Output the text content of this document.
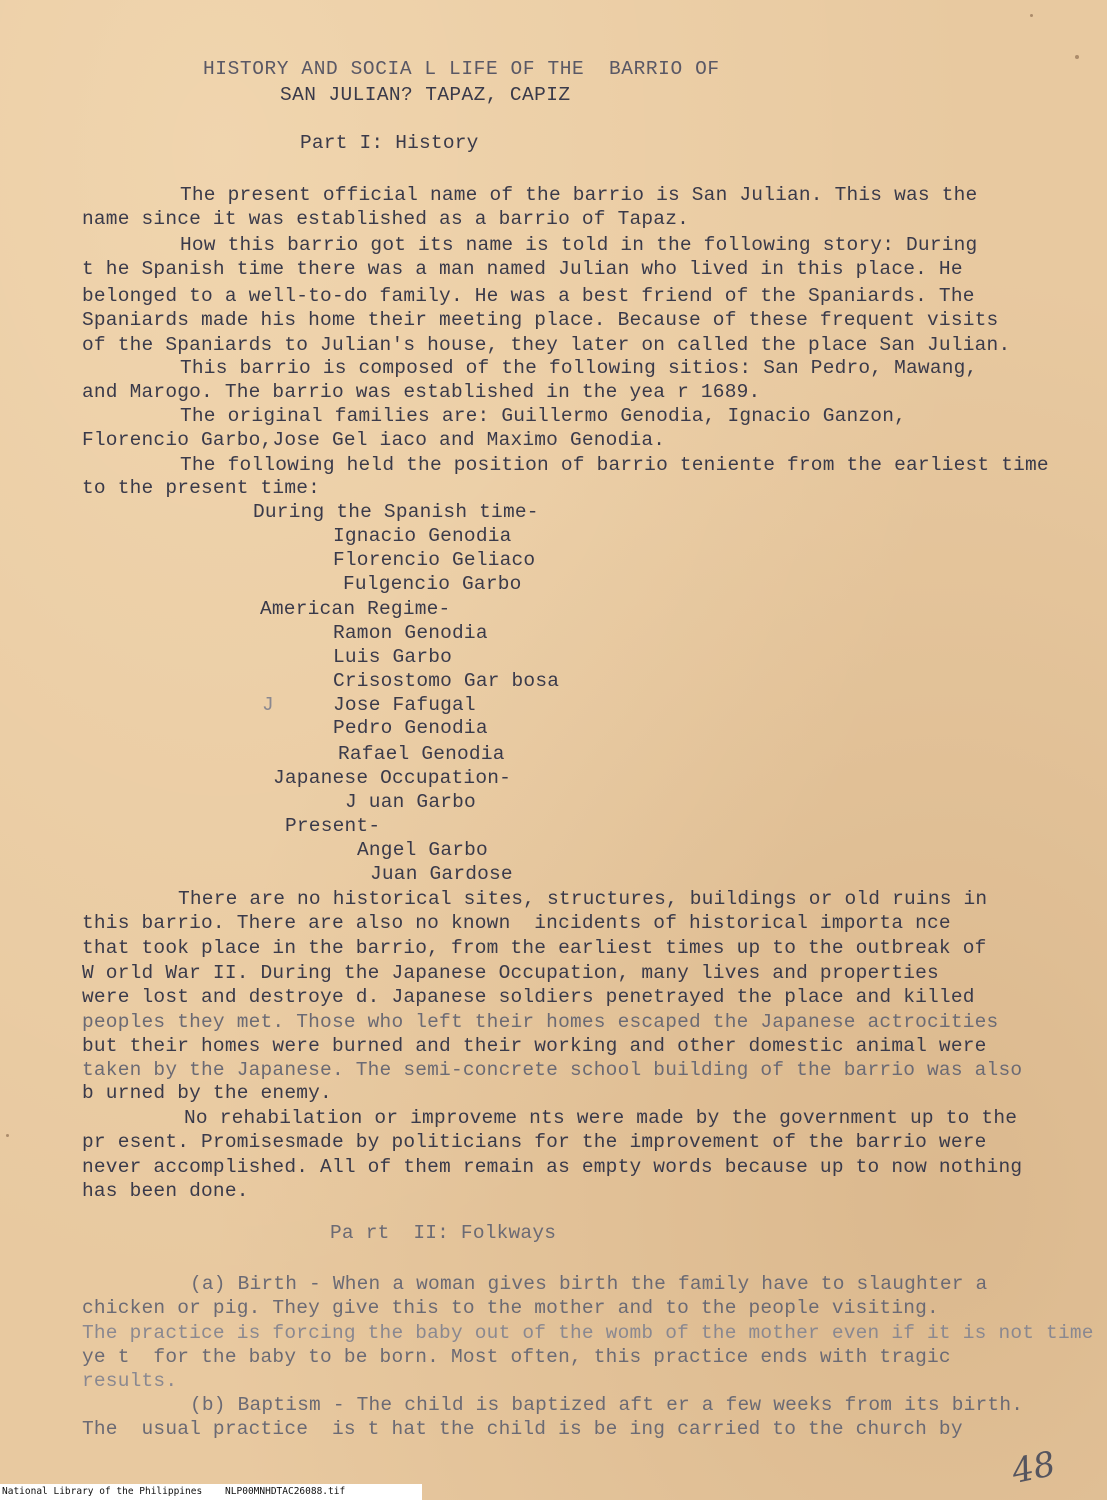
HISTORY AND SOCIA L LIFE OF THE  BARRIO OF
SAN JULIAN? TAPAZ, CAPIZ
Part I: History
The present official name of the barrio is San Julian. This was the
name since it was established as a barrio of Tapaz.
How this barrio got its name is told in the following story: During
t he Spanish time there was a man named Julian who lived in this place. He
belonged to a well-to-do family. He was a best friend of the Spaniards. The
Spaniards made his home their meeting place. Because of these frequent visits
of the Spaniards to Julian's house, they later on called the place San Julian.
This barrio is composed of the following sitios: San Pedro, Mawang,
and Marogo. The barrio was established in the yea r 1689.
The original families are: Guillermo Genodia, Ignacio Ganzon,
Florencio Garbo,Jose Gel iaco and Maximo Genodia.
The following held the position of barrio teniente from the earliest time
to the present time:
During the Spanish time-
Ignacio Genodia
Florencio Geliaco
Fulgencio Garbo
American Regime-
Ramon Genodia
Luis Garbo
Crisostomo Gar bosa
J	Jose Fafugal
Pedro Genodia
Rafael Genodia
Japanese Occupation-
J uan Garbo
Present-
Angel Garbo
Juan Gardose
There are no historical sites, structures, buildings or old ruins in
this barrio. There are also no known  incidents of historical importa nce
that took place in the barrio, from the earliest times up to the outbreak of
W orld War II. During the Japanese Occupation, many lives and properties
were lost and destroye d. Japanese soldiers penetrayed the place and killed
peoples they met. Those who left their homes escaped the Japanese actrocities
but their homes were burned and their working and other domestic animal were
taken by the Japanese. The semi-concrete school building of the barrio was also
b urned by the enemy.
No rehabilation or improveme nts were made by the government up to the
pr esent. Promisesmade by politicians for the improvement of the barrio were
never accomplished. All of them remain as empty words because up to now nothing
has been done.
Pa rt  II: Folkways
(a) Birth - When a woman gives birth the family have to slaughter a
chicken or pig. They give this to the mother and to the people visiting.
The practice is forcing the baby out of the womb of the mother even if it is not time
ye t  for the baby to be born. Most often, this practice ends with tragic
results.
(b) Baptism - The child is baptized aft er a few weeks from its birth.
The  usual practice  is t hat the child is be ing carried to the church by
48
National Library of the Philippines    NLP00MNHDTAC26088.tif
